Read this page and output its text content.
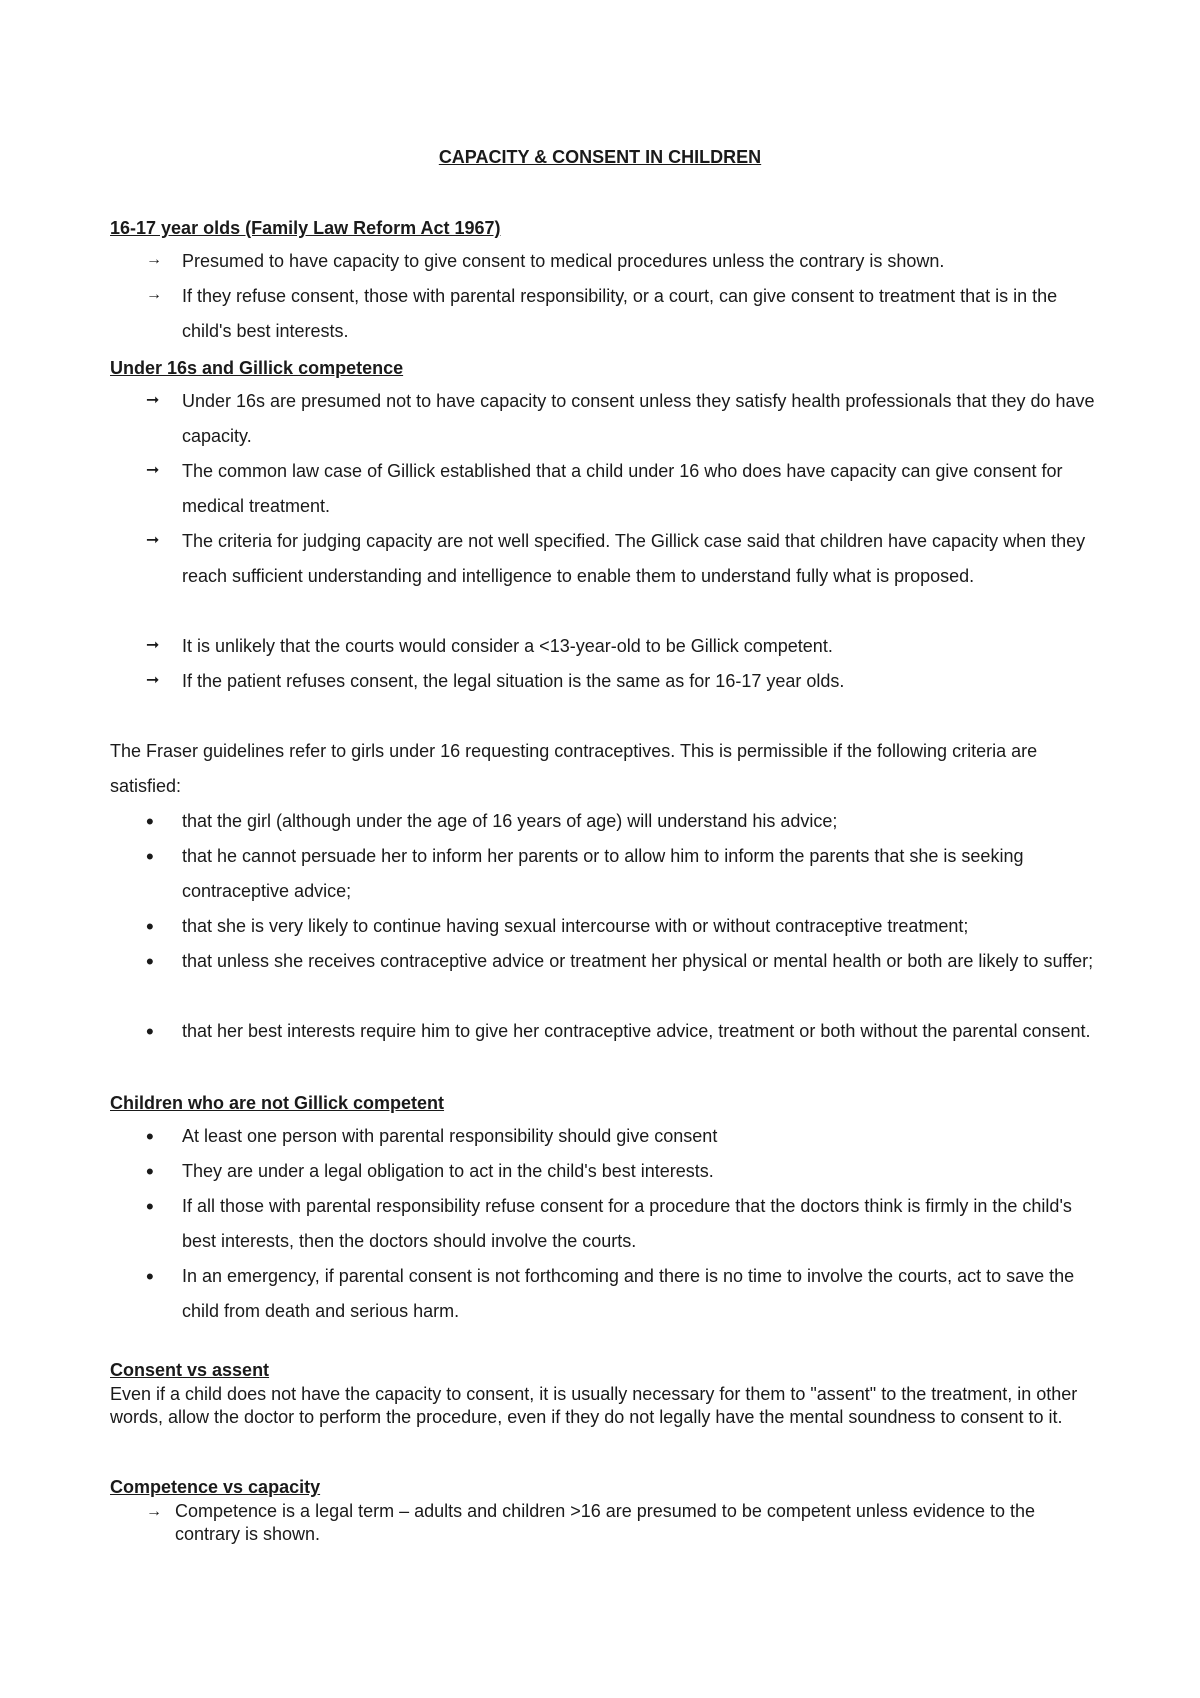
CAPACITY & CONSENT IN CHILDREN
16-17 year olds (Family Law Reform Act 1967)
→	Presumed to have capacity to give consent to medical procedures unless the contrary is shown.
→	If they refuse consent, those with parental responsibility, or a court, can give consent to treatment that is in the child's best interests.
Under 16s and Gillick competence
➞	Under 16s are presumed not to have capacity to consent unless they satisfy health professionals that they do have capacity.
➞	The common law case of Gillick established that a child under 16 who does have capacity can give consent for medical treatment.
➞	The criteria for judging capacity are not well specified. The Gillick case said that children have capacity when they reach sufficient understanding and intelligence to enable them to understand fully what is proposed.
➞	It is unlikely that the courts would consider a <13-year-old to be Gillick competent.
➞	If the patient refuses consent, the legal situation is the same as for 16-17 year olds.
The Fraser guidelines refer to girls under 16 requesting contraceptives. This is permissible if the following criteria are satisfied:
•	that the girl (although under the age of 16 years of age) will understand his advice;
•	that he cannot persuade her to inform her parents or to allow him to inform the parents that she is seeking contraceptive advice;
•	that she is very likely to continue having sexual intercourse with or without contraceptive treatment;
•	that unless she receives contraceptive advice or treatment her physical or mental health or both are likely to suffer;
•	that her best interests require him to give her contraceptive advice, treatment or both without the parental consent.
Children who are not Gillick competent
•	At least one person with parental responsibility should give consent
•	They are under a legal obligation to act in the child's best interests.
•	If all those with parental responsibility refuse consent for a procedure that the doctors think is firmly in the child's best interests, then the doctors should involve the courts.
•	In an emergency, if parental consent is not forthcoming and there is no time to involve the courts, act to save the child from death and serious harm.
Consent vs assent
Even if a child does not have the capacity to consent, it is usually necessary for them to "assent" to the treatment, in other words, allow the doctor to perform the procedure, even if they do not legally have the mental soundness to consent to it.
Competence vs capacity
→ Competence is a legal term – adults and children >16 are presumed to be competent unless evidence to the contrary is shown.
